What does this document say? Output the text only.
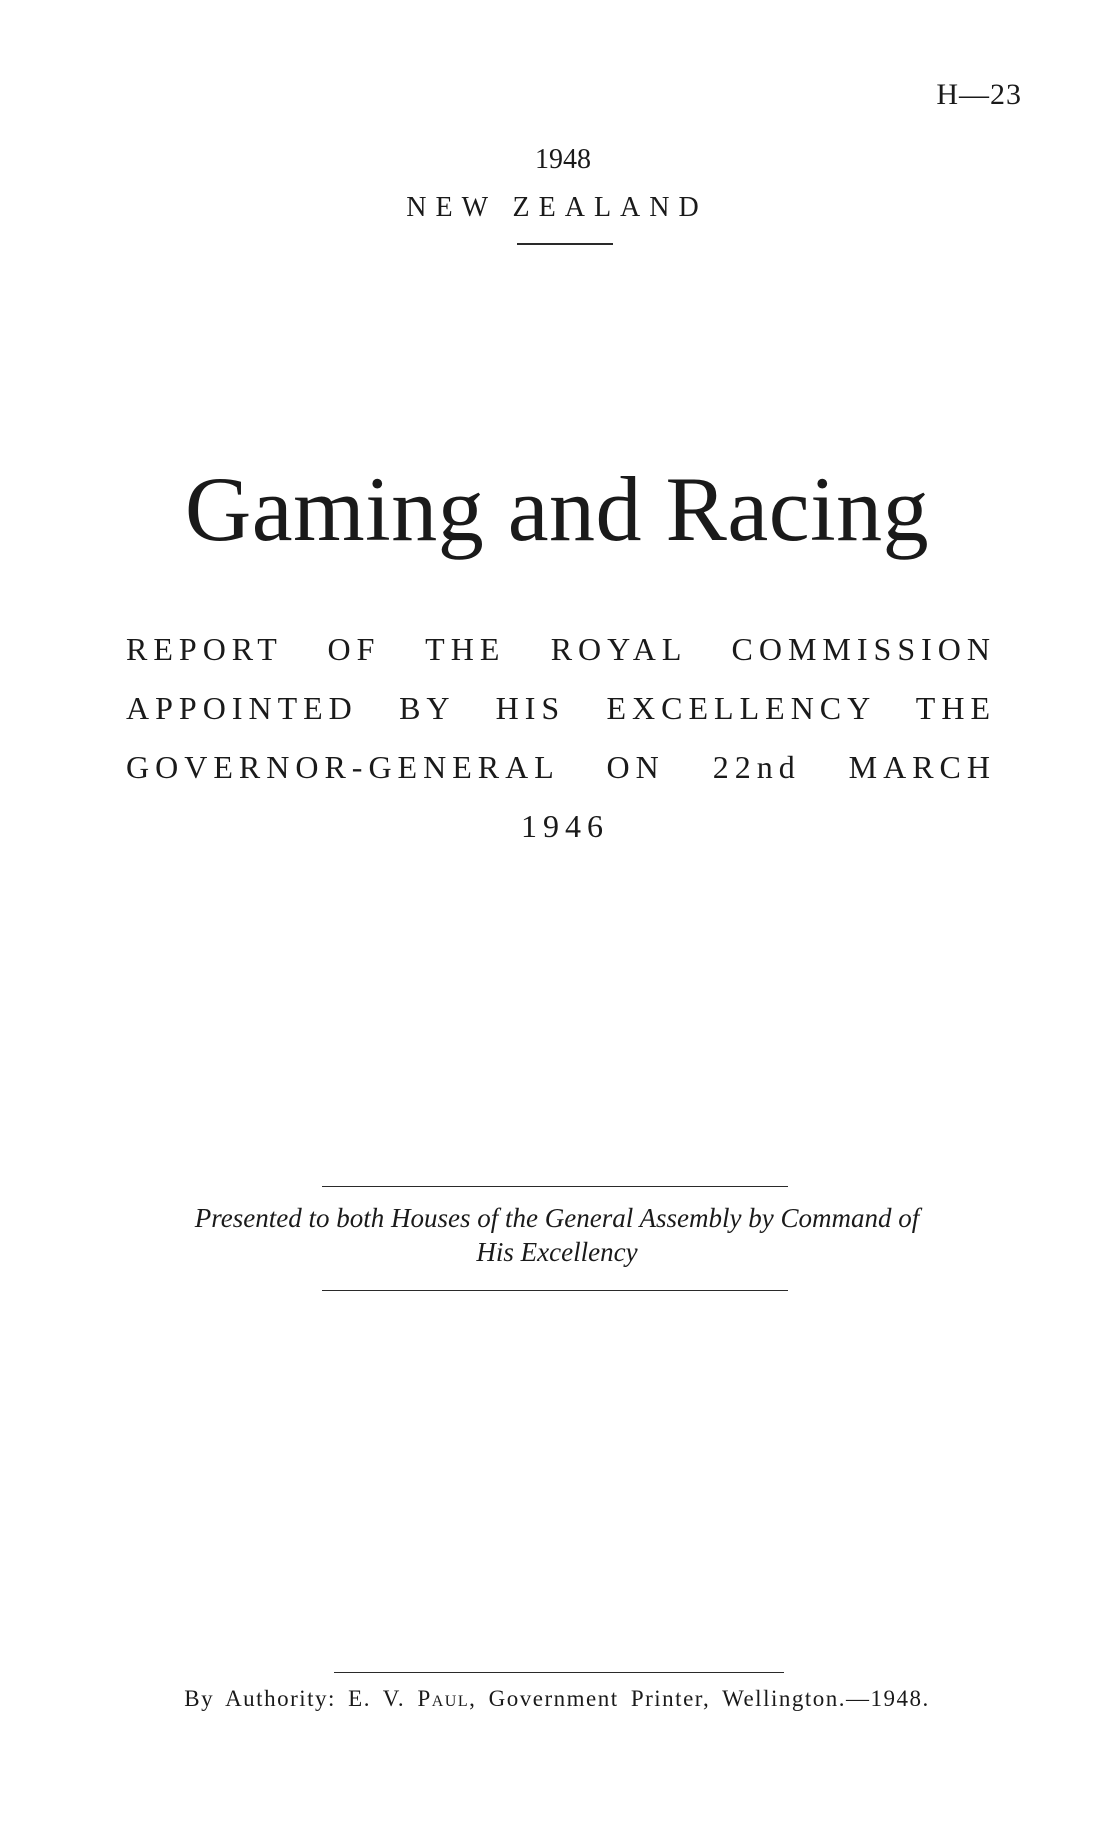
H—23
1948
NEW ZEALAND
Gaming and Racing
REPORT OF THE ROYAL COMMISSION
APPOINTED BY HIS EXCELLENCY THE
GOVERNOR-GENERAL ON 22nd MARCH
1946
Presented to both Houses of the General Assembly by Command of
His Excellency
By Authority: E. V. Paul, Government Printer, Wellington.—1948.
